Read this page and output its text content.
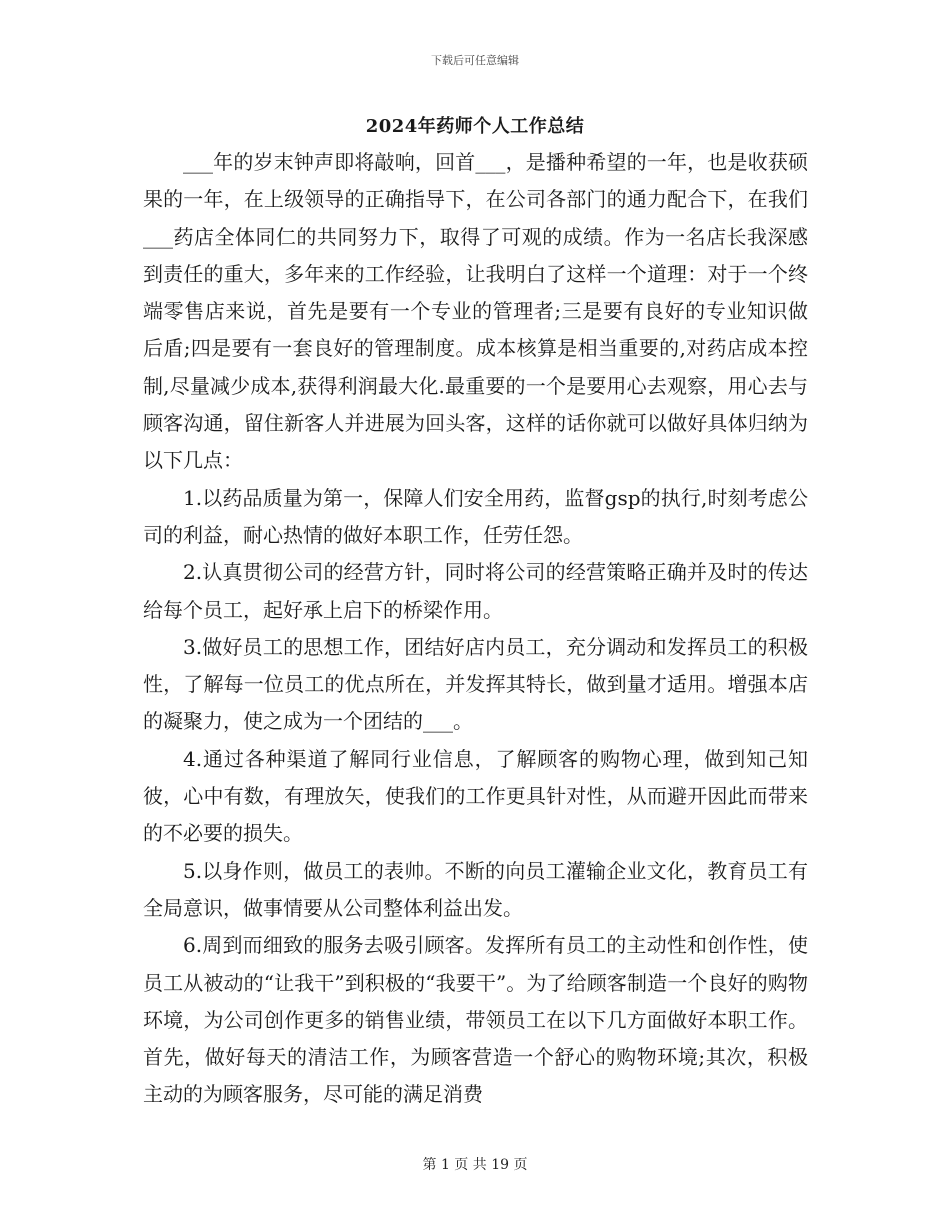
下载后可任意编辑
2024年药师个人工作总结

___年的岁末钟声即将敲响，回首___，是播种希望的一年，也是收获硕果的一年，在上级领导的正确指导下，在公司各部门的通力配合下，在我们___药店全体同仁的共同努力下，取得了可观的成绩。作为一名店长我深感到责任的重大，多年来的工作经验，让我明白了这样一个道理：对于一个终端零售店来说，首先是要有一个专业的管理者;三是要有良好的专业知识做后盾;四是要有一套良好的管理制度。成本核算是相当重要的,对药店成本控制,尽量减少成本,获得利润最大化.最重要的一个是要用心去观察，用心去与顾客沟通，留住新客人并进展为回头客，这样的话你就可以做好具体归纳为以下几点：

1.以药品质量为第一，保障人们安全用药，监督gsp的执行,时刻考虑公司的利益，耐心热情的做好本职工作，任劳任怨。

2.认真贯彻公司的经营方针，同时将公司的经营策略正确并及时的传达给每个员工，起好承上启下的桥梁作用。

3.做好员工的思想工作，团结好店内员工，充分调动和发挥员工的积极性，了解每一位员工的优点所在，并发挥其特长，做到量才适用。增强本店的凝聚力，使之成为一个团结的___。

4.通过各种渠道了解同行业信息，了解顾客的购物心理，做到知己知彼，心中有数，有理放矢，使我们的工作更具针对性，从而避开因此而带来的不必要的损失。

5.以身作则，做员工的表帅。不断的向员工灌输企业文化，教育员工有全局意识，做事情要从公司整体利益出发。

6.周到而细致的服务去吸引顾客。发挥所有员工的主动性和创作性，使员工从被动的“让我干”到积极的“我要干”。为了给顾客制造一个良好的购物环境，为公司创作更多的销售业绩，带领员工在以下几方面做好本职工作。首先，做好每天的清洁工作，为顾客营造一个舒心的购物环境;其次，积极主动的为顾客服务，尽可能的满足消费

第 1 页 共 19 页
